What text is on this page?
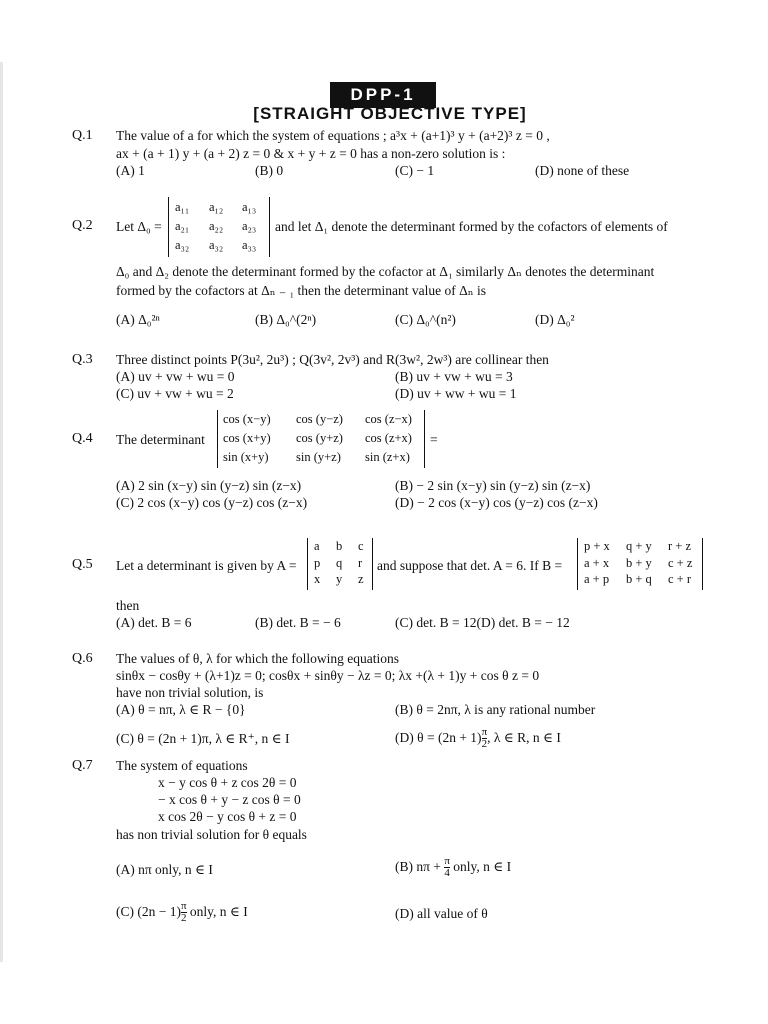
DPP-1
[STRAIGHT OBJECTIVE TYPE]
Q.1 The value of a for which the system of equations ; a³x + (a+1)³ y + (a+2)³ z = 0 ,
ax + (a + 1) y + (a + 2) z = 0 & x + y + z = 0 has a non-zero solution is :
(A) 1	(B) 0	(C) − 1	(D) none of these
Q.2 Let Δ₀ =
a₁₁ a₁₂ a₁₃
a₂₁ a₂₂ a₂₃
a₃₂ a₃₂ a₃₃
and let Δ₁ denote the determinant formed by the cofactors of elements of
Δ₀ and Δ₂ denote the determinant formed by the cofactor at Δ₁ similarly Δₙ denotes the determinant
formed by the cofactors at Δₙ ₋ ₁ then the determinant value of Δₙ is
(A) Δ₀²ⁿ	(B) Δ₀^(2ⁿ)	(C) Δ₀^(n²)	(D) Δ₀²
Q.3 Three distinct points P(3u², 2u³) ; Q(3v², 2v³) and R(3w², 2w³) are collinear then
(A) uv + vw + wu = 0	(B) uv + vw + wu = 3
(C) uv + vw + wu = 2	(D) uv + ww + wu = 1
Q.4 The determinant
cos (x−y) cos (y−z) cos (z−x)
cos (x+y) cos (y+z) cos (z+x)
sin (x+y) sin (y+z) sin (z+x)
=
(A) 2 sin (x−y) sin (y−z) sin (z−x)	(B) − 2 sin (x−y) sin (y−z) sin (z−x)
(C) 2 cos (x−y) cos (y−z) cos (z−x)	(D) − 2 cos (x−y) cos (y−z) cos (z−x)
Q.5 Let a determinant is given by A =
a b c
p q r
x y z
and suppose that det. A = 6. If B =
p + x q + y r + z
a + x b + y c + z
a + p b + q c + r
then
(A) det. B = 6	(B) det. B = − 6	(C) det. B = 12(D) det. B = − 12
Q.6 The values of θ, λ for which the following equations
sinθx − cosθy + (λ+1)z = 0; cosθx + sinθy − λz = 0; λx +(λ + 1)y + cos θ z = 0
have non trivial solution, is
(A) θ = nπ, λ ∈ R − {0}	(B) θ = 2nπ, λ is any rational number
(C) θ = (2n + 1)π, λ ∈ R⁺, n ∈ I	(D) $\theta = (2n + 1) \frac{\pi}{2}$ , λ ∈ R, n ∈ I
Q.7 The system of equations
x − y cos θ + z cos 2θ = 0
− x cos θ + y − z cos θ = 0
x cos 2θ − y cos θ + z = 0
has non trivial solution for θ equals
(A) nπ only, n ∈ I	(B) $n\pi + \frac{\pi}{4}$ only, n ∈ I
(C) $(2n - 1) \frac{\pi}{2}$ only, n ∈ I	(D) all value of θ
